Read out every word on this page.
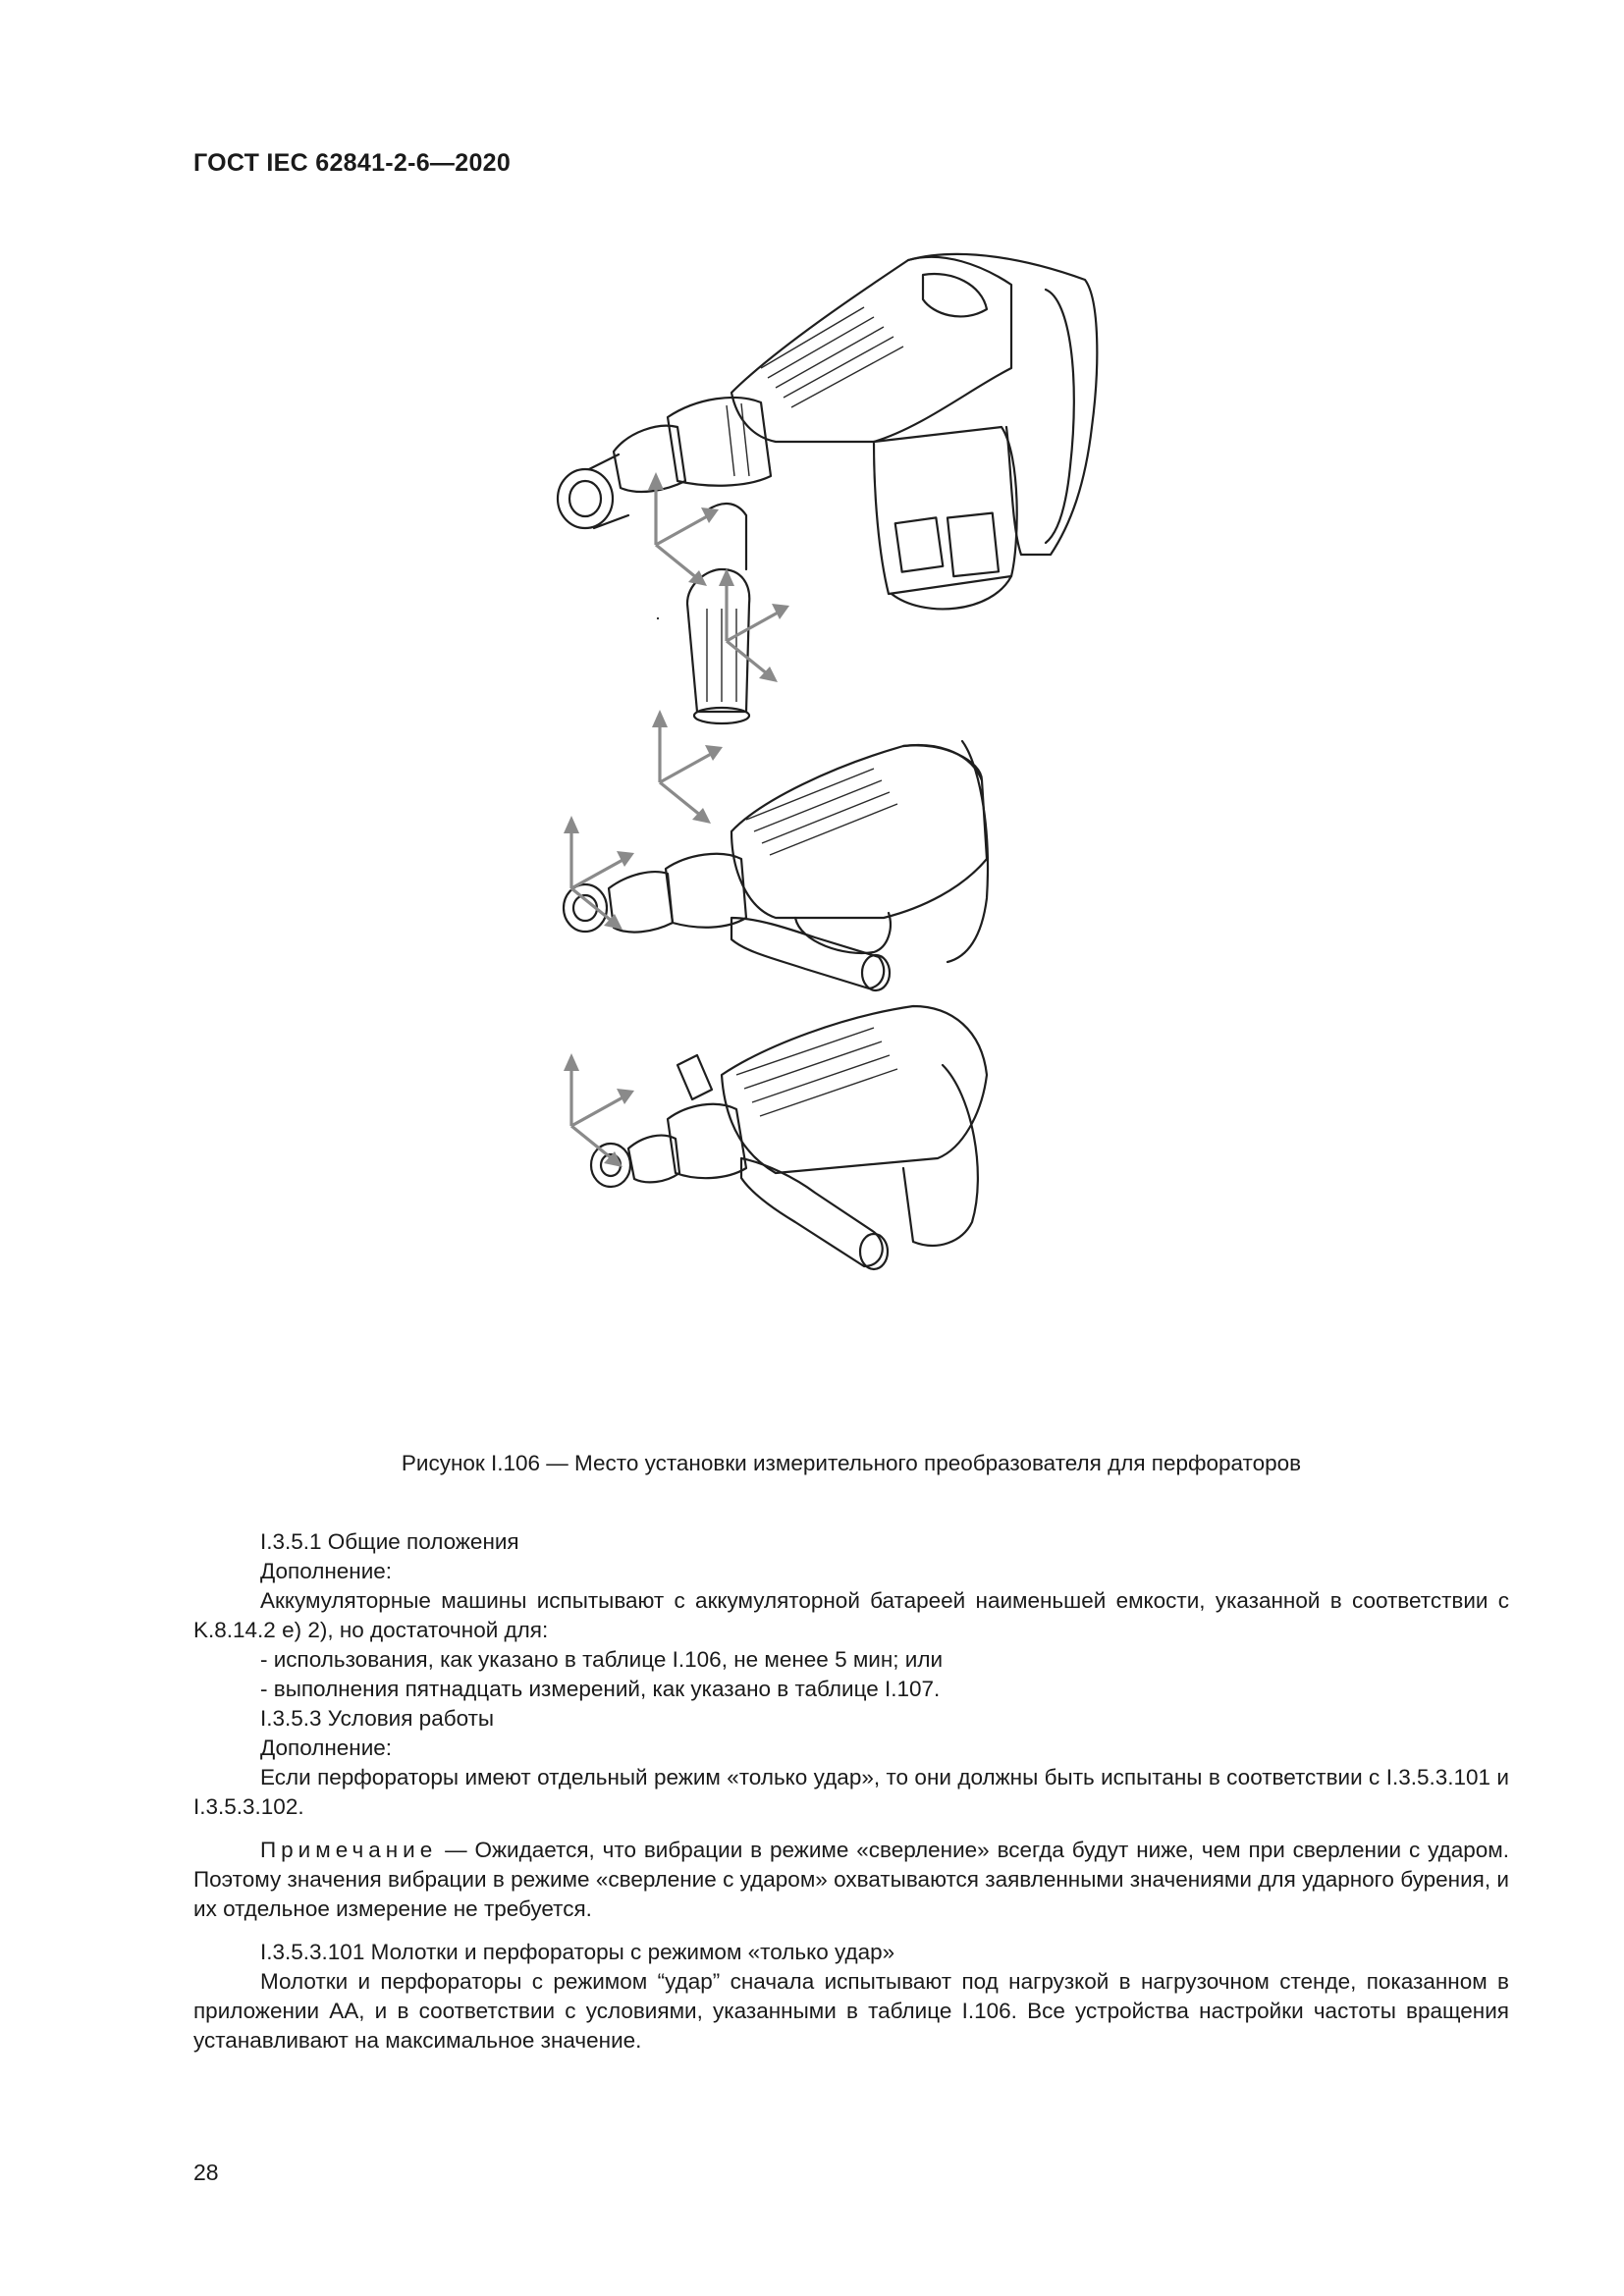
ГОСТ IEC 62841-2-6—2020
Рисунок I.106 — Место установки измерительного преобразователя для перфораторов

I.3.5.1 Общие положения

Дополнение:

Аккумуляторные машины испытывают с аккумуляторной батареей наименьшей емкости, указанной в соответствии с K.8.14.2 e) 2), но достаточной для:

- использования, как указано в таблице I.106, не менее 5 мин; или

- выполнения пятнадцать измерений, как указано в таблице I.107.

I.3.5.3 Условия работы

Дополнение:

Если перфораторы имеют отдельный режим «только удар», то они должны быть испытаны в соответствии с I.3.5.3.101 и I.3.5.3.102.

Примечание — Ожидается, что вибрации в режиме «сверление» всегда будут ниже, чем при сверлении с ударом. Поэтому значения вибрации в режиме «сверление с ударом» охватываются заявленными значениями для ударного бурения, и их отдельное измерение не требуется.

I.3.5.3.101 Молотки и перфораторы с режимом «только удар»

Молотки и перфораторы с режимом “удар” сначала испытывают под нагрузкой в нагрузочном стенде, показанном в приложении АА, и в соответствии с условиями, указанными в таблице I.106. Все устройства настройки частоты вращения устанавливают на максимальное значение.

28
